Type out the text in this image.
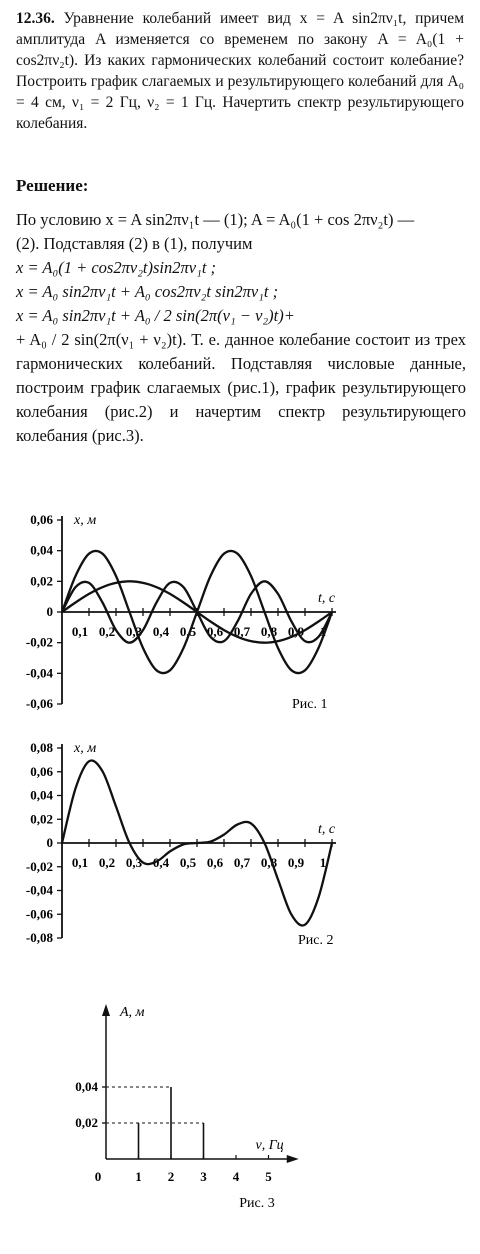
12.36. Уравнение колебаний имеет вид x = A sin2πν₁t, причем амплитуда A изменяется со временем по закону A = A₀(1 + cos2πν₂t). Из каких гармонических колебаний состоит колебание? Построить график слагаемых и результирующего колебаний для A₀ = 4 см, ν₁ = 2 Гц, ν₂ = 1 Гц. Начертить спектр результирующего колебания.
Решение:
По условию x = A sin2πν₁t — (1); A = A₀(1 + cos 2πν₂t) —
(2). Подставляя (2) в (1), получим
x = A₀(1 + cos2πν₂t)sin2πν₁t ;
x = A₀ sin2πν₁t + A₀ cos2πν₂t sin2πν₁t ;
x = A₀ sin2πν₁t + A₀ / 2 sin(2π(ν₁ − ν₂)t)+
+ A₀ / 2 sin(2π(ν₁ + ν₂)t). Т. е. данное колебание состоит из трех гармонических колебаний. Подставляя числовые данные, построим график слагаемых (рис.1), график результирующего колебания (рис.2) и начертим спектр результирующего колебания (рис.3).
0,06
0,04
0,02
0
-0,02
-0,04
-0,06
0,1 0,2 0,3 0,4 0,5 0,6 0,7 0,8 0,9 1
x, м
t, с
Рис. 1
0,08
0,06
0,04
0,02
0
-0,02
-0,04
-0,06
-0,08
0,1 0,2 0,3 0,4 0,5 0,6 0,7 0,8 0,9 1
x, м
t, с
Рис. 2
0,04
0,02
0	1 2 3 4 5
A, м
ν, Гц
Рис. 3
